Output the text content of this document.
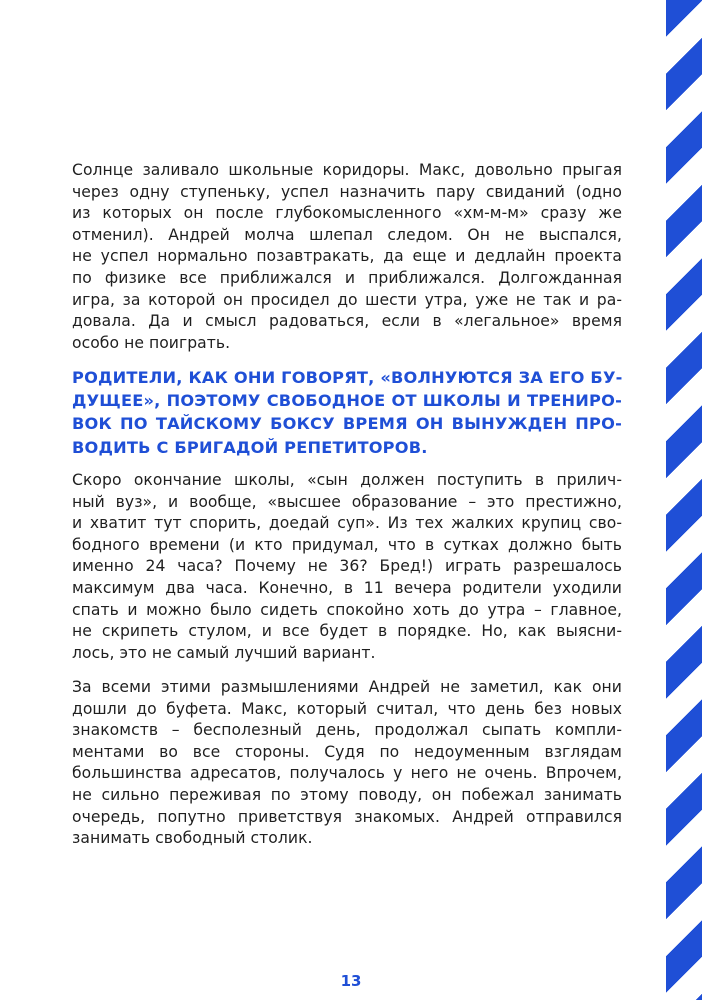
Солнце заливало школьные коридоры. Макс, довольно прыгая
через одну ступеньку, успел назначить пару свиданий (одно
из которых он после глубокомысленного «хм-м-м» сразу же
отменил). Андрей молча шлепал следом. Он не выспался,
не успел нормально позавтракать, да еще и дедлайн проекта
по физике все приближался и приближался. Долгожданная
игра, за которой он просидел до шести утра, уже не так и ра-
довала. Да и смысл радоваться, если в «легальное» время
особо не поиграть.

РОДИТЕЛИ, КАК ОНИ ГОВОРЯТ, «ВОЛНУЮТСЯ ЗА ЕГО БУ-
ДУЩЕЕ», ПОЭТОМУ СВОБОДНОЕ ОТ ШКОЛЫ И ТРЕНИРО-
ВОК ПО ТАЙСКОМУ БОКСУ ВРЕМЯ ОН ВЫНУЖДЕН ПРО-
ВОДИТЬ С БРИГАДОЙ РЕПЕТИТОРОВ.

Скоро окончание школы, «сын должен поступить в прилич-
ный вуз», и вообще, «высшее образование – это престижно,
и хватит тут спорить, доедай суп». Из тех жалких крупиц сво-
бодного времени (и кто придумал, что в сутках должно быть
именно 24 часа? Почему не 36? Бред!) играть разрешалось
максимум два часа. Конечно, в 11 вечера родители уходили
спать и можно было сидеть спокойно хоть до утра – главное,
не скрипеть стулом, и все будет в порядке. Но, как выясни-
лось, это не самый лучший вариант.

За всеми этими размышлениями Андрей не заметил, как они
дошли до буфета. Макс, который считал, что день без новых
знакомств – бесполезный день, продолжал сыпать компли-
ментами во все стороны. Судя по недоуменным взглядам
большинства адресатов, получалось у него не очень. Впрочем,
не сильно переживая по этому поводу, он побежал занимать
очередь, попутно приветствуя знакомых. Андрей отправился
занимать свободный столик.

13
